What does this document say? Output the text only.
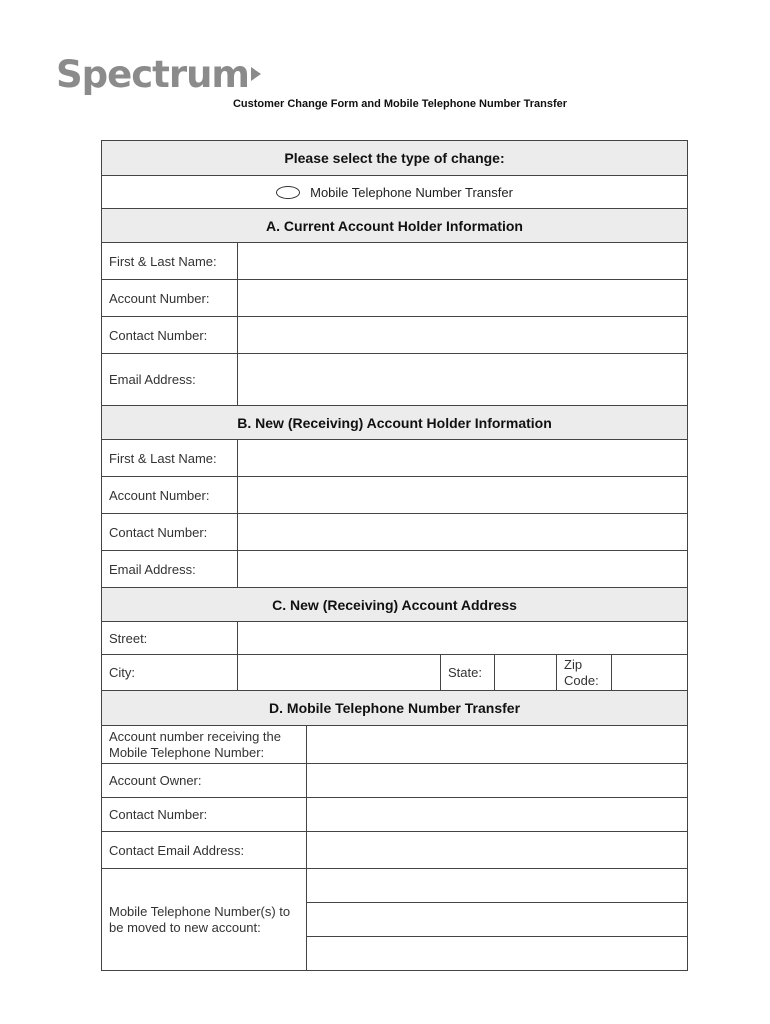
Spectrum
Customer Change Form and Mobile Telephone Number Transfer
Please select the type of change:						
Mobile Telephone Number Transfer						
A. Current Account Holder Information						
First & Last Name:						
Account Number:						
Contact Number:						
Email Address:						
B. New (Receiving) Account Holder Information						
First & Last Name:						
Account Number:						
Contact Number:						
Email Address:						
C. New (Receiving) Account Address						
Street:						
City:			State:		Zip Code:	
D. Mobile Telephone Number Transfer						
Account number receiving the Mobile Telephone Number:						
Account Owner:						
Contact Number:						
Contact Email Address:						
Mobile Telephone Number(s) to be moved to new account:						
